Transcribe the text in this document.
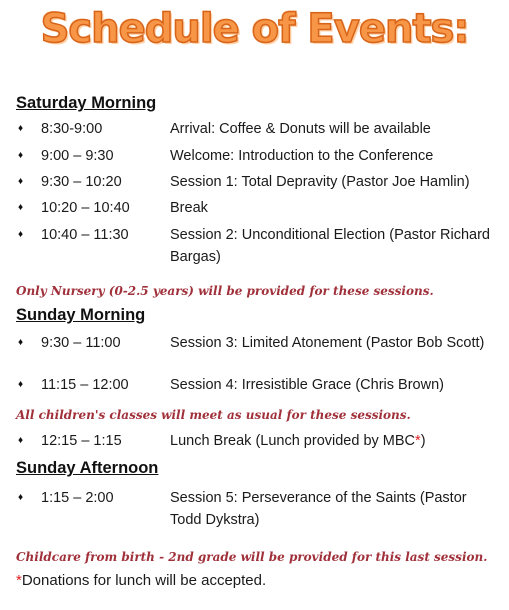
Schedule of Events:
Saturday Morning
♦ 8:30-9:00	Arrival: Coffee & Donuts will be available
♦ 9:00 – 9:30	Welcome: Introduction to the Conference
♦ 9:30 – 10:20	Session 1: Total Depravity (Pastor Joe Hamlin)
♦ 10:20 – 10:40	Break
♦ 10:40 – 11:30	Session 2: Unconditional Election (Pastor Richard Bargas)
Only Nursery (0-2.5 years) will be provided for these sessions.
Sunday Morning
♦ 9:30 – 11:00	Session 3: Limited Atonement (Pastor Bob Scott)
♦ 11:15 – 12:00	Session 4: Irresistible Grace (Chris Brown)
All children's classes will meet as usual for these sessions.
♦ 12:15 – 1:15	Lunch Break (Lunch provided by MBC*)
Sunday Afternoon
♦ 1:15 – 2:00	Session 5: Perseverance of the Saints (Pastor Todd Dykstra)
Childcare from birth - 2nd grade will be provided for this last session.
*Donations for lunch will be accepted.
